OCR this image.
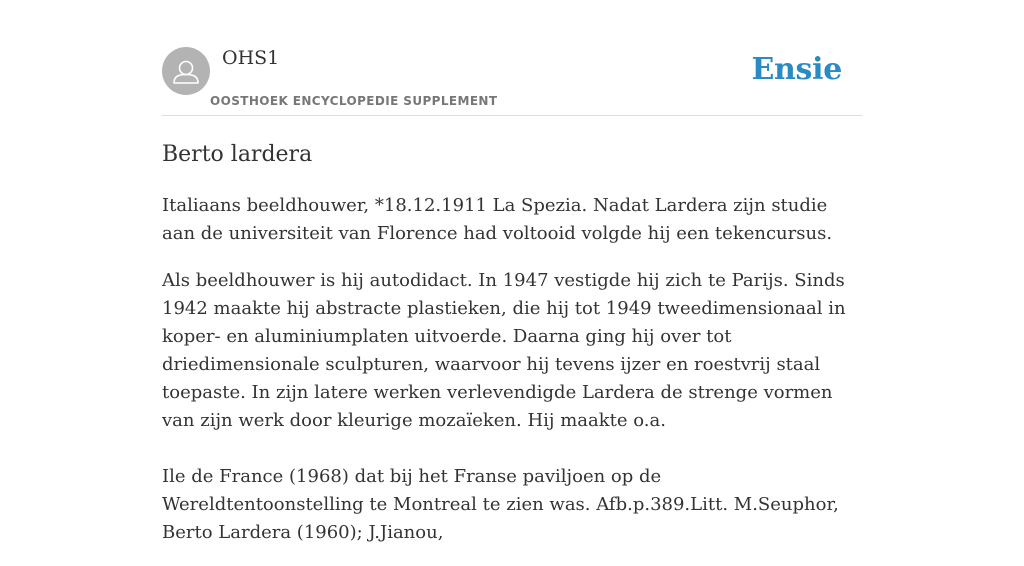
OHS1
OOSTHOEK ENCYCLOPEDIE SUPPLEMENT
Ensie
Berto lardera

Italiaans beeldhouwer, *18.12.1911 La Spezia. Nadat Lardera zijn studie aan de universiteit van Florence had voltooid volgde hij een tekencursus.

Als beeldhouwer is hij autodidact. In 1947 vestigde hij zich te Parijs. Sinds 1942 maakte hij abstracte plastieken, die hij tot 1949 tweedimensionaal in koper- en aluminiumplaten uitvoerde. Daarna ging hij over tot driedimensionale sculpturen, waarvoor hij tevens ijzer en roestvrij staal toepaste. In zijn latere werken verlevendigde Lardera de strenge vormen van zijn werk door kleurige mozaïeken. Hij maakte o.a.

Ile de France (1968) dat bij het Franse paviljoen op de Wereldtentoonstelling te Montreal te zien was. Afb.p.389.Litt. M.Seuphor, Berto Lardera (1960); J.Jianou,
